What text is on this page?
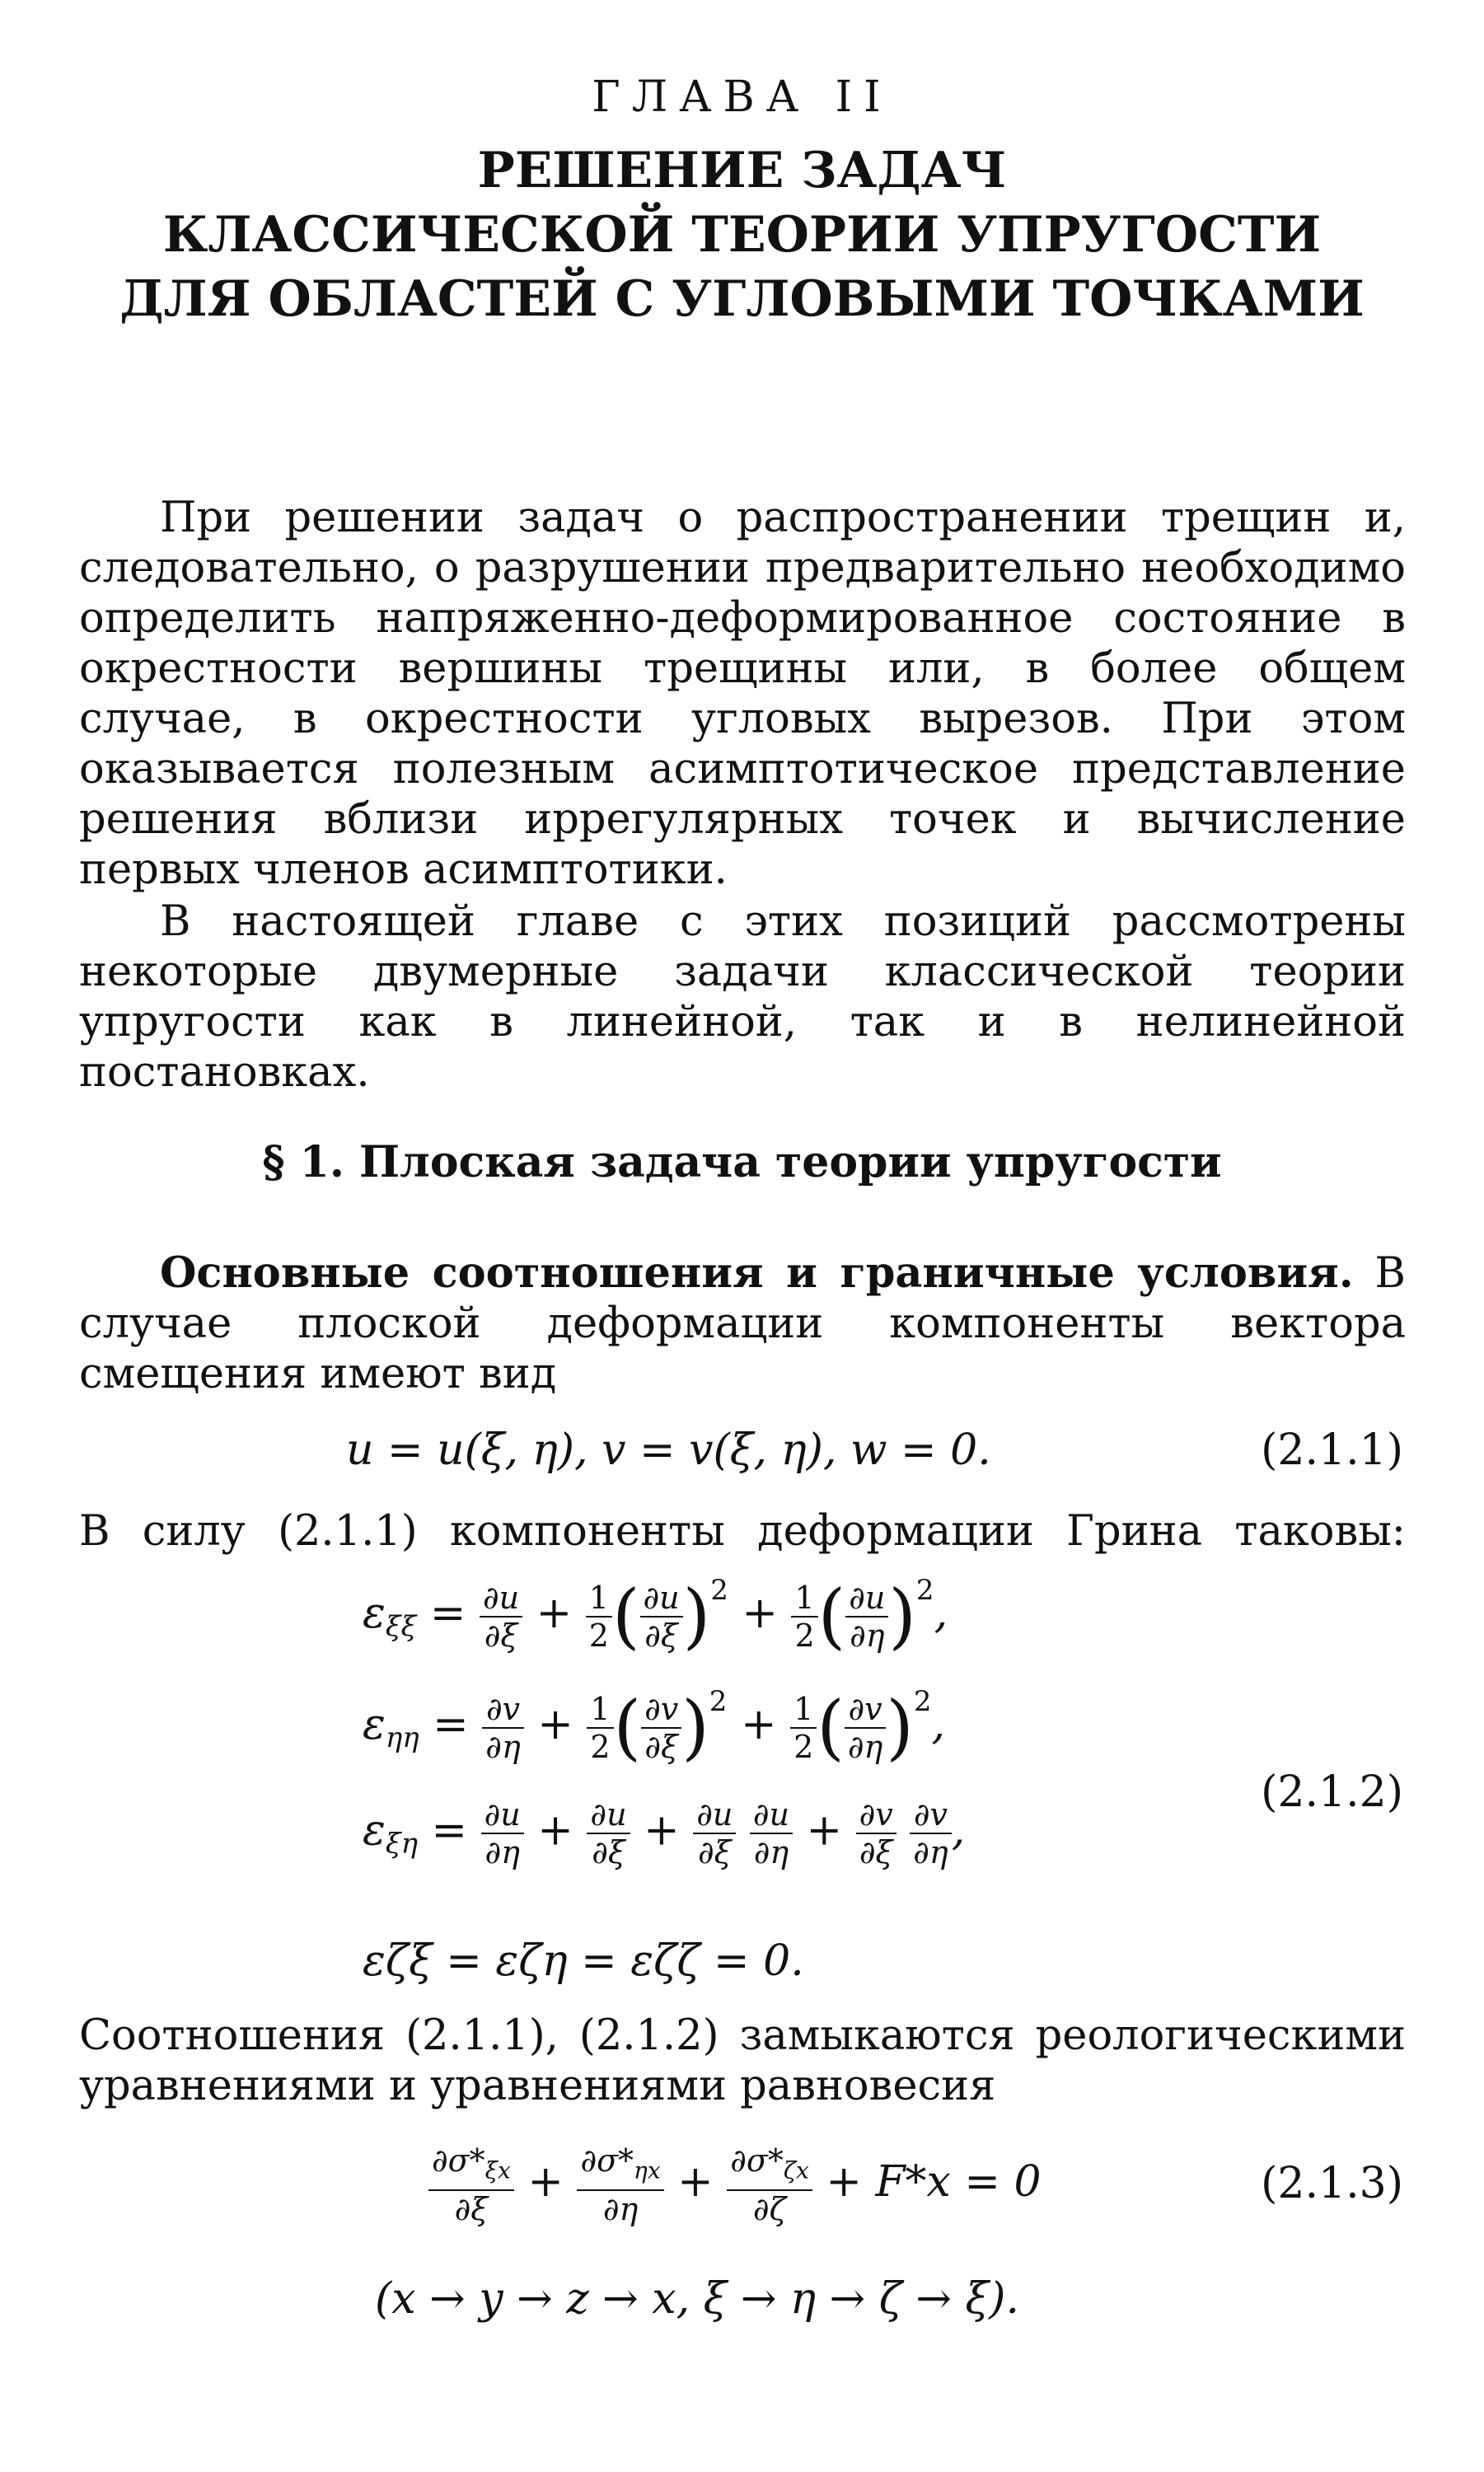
ГЛАВА II
РЕШЕНИЕ ЗАДАЧ
КЛАССИЧЕСКОЙ ТЕОРИИ УПРУГОСТИ
ДЛЯ ОБЛАСТЕЙ С УГЛОВЫМИ ТОЧКАМИ
При решении задач о распространении трещин и, следовательно, о разрушении предварительно необходимо определить напряженно-деформированное состояние в окрестности вершины трещины или, в более общем случае, в окрестности угловых вырезов. При этом оказывается полезным асимптотическое представление решения вблизи иррегулярных точек и вычисление первых членов асимптотики.
В настоящей главе с этих позиций рассмотрены некоторые двумерные задачи классической теории упругости как в линейной, так и в нелинейной постановках.
§ 1. Плоская задача теории упругости
Основные соотношения и граничные условия. В случае плоской деформации компоненты вектора смещения имеют вид
u = u(ξ, η), v = v(ξ, η), w = 0.	(2.1.1)
В силу (2.1.1) компоненты деформации Грина таковы:
$\varepsilon_{\xi\xi} = \frac{\partial u}{\partial\xi} + \frac{1}{2}$ ( $\frac{\partial u}{\partial\xi} )^2 + \frac{1}{2}$ ( $\frac{\partial u}{\partial\eta} )^2$,
$\varepsilon_{\eta\eta} = \frac{\partial v}{\partial\eta} + \frac{1}{2}$ ( $\frac{\partial v}{\partial\xi} )^2 + \frac{1}{2}$ ( $\frac{\partial v}{\partial\eta} )^2$,
(2.1.2)
$\varepsilon_{\xi\eta} = \frac{\partial u}{\partial\eta} + \frac{\partial u}{\partial\xi} + \frac{\partial u}{\partial\xi}$
$\frac{\partial u}{\partial\eta} + \frac{\partial v}{\partial\xi}$
$\frac{\partial v}{\partial\eta}$ ,
εζξ = εζη = εζζ = 0.
Соотношения (2.1.1), (2.1.2) замыкаются реологическими уравнениями и уравнениями равновесия
$\frac{\partial\sigma*_{\xi x}}{\partial\xi} + \frac{\partial\sigma*_{\eta x}}{\partial\eta} + \frac{\partial\sigma*_{\zeta x}}{\partial\zeta} + F*x = 0$	(2.1.3)
(x → y → z → x, ξ → η → ζ → ξ).
